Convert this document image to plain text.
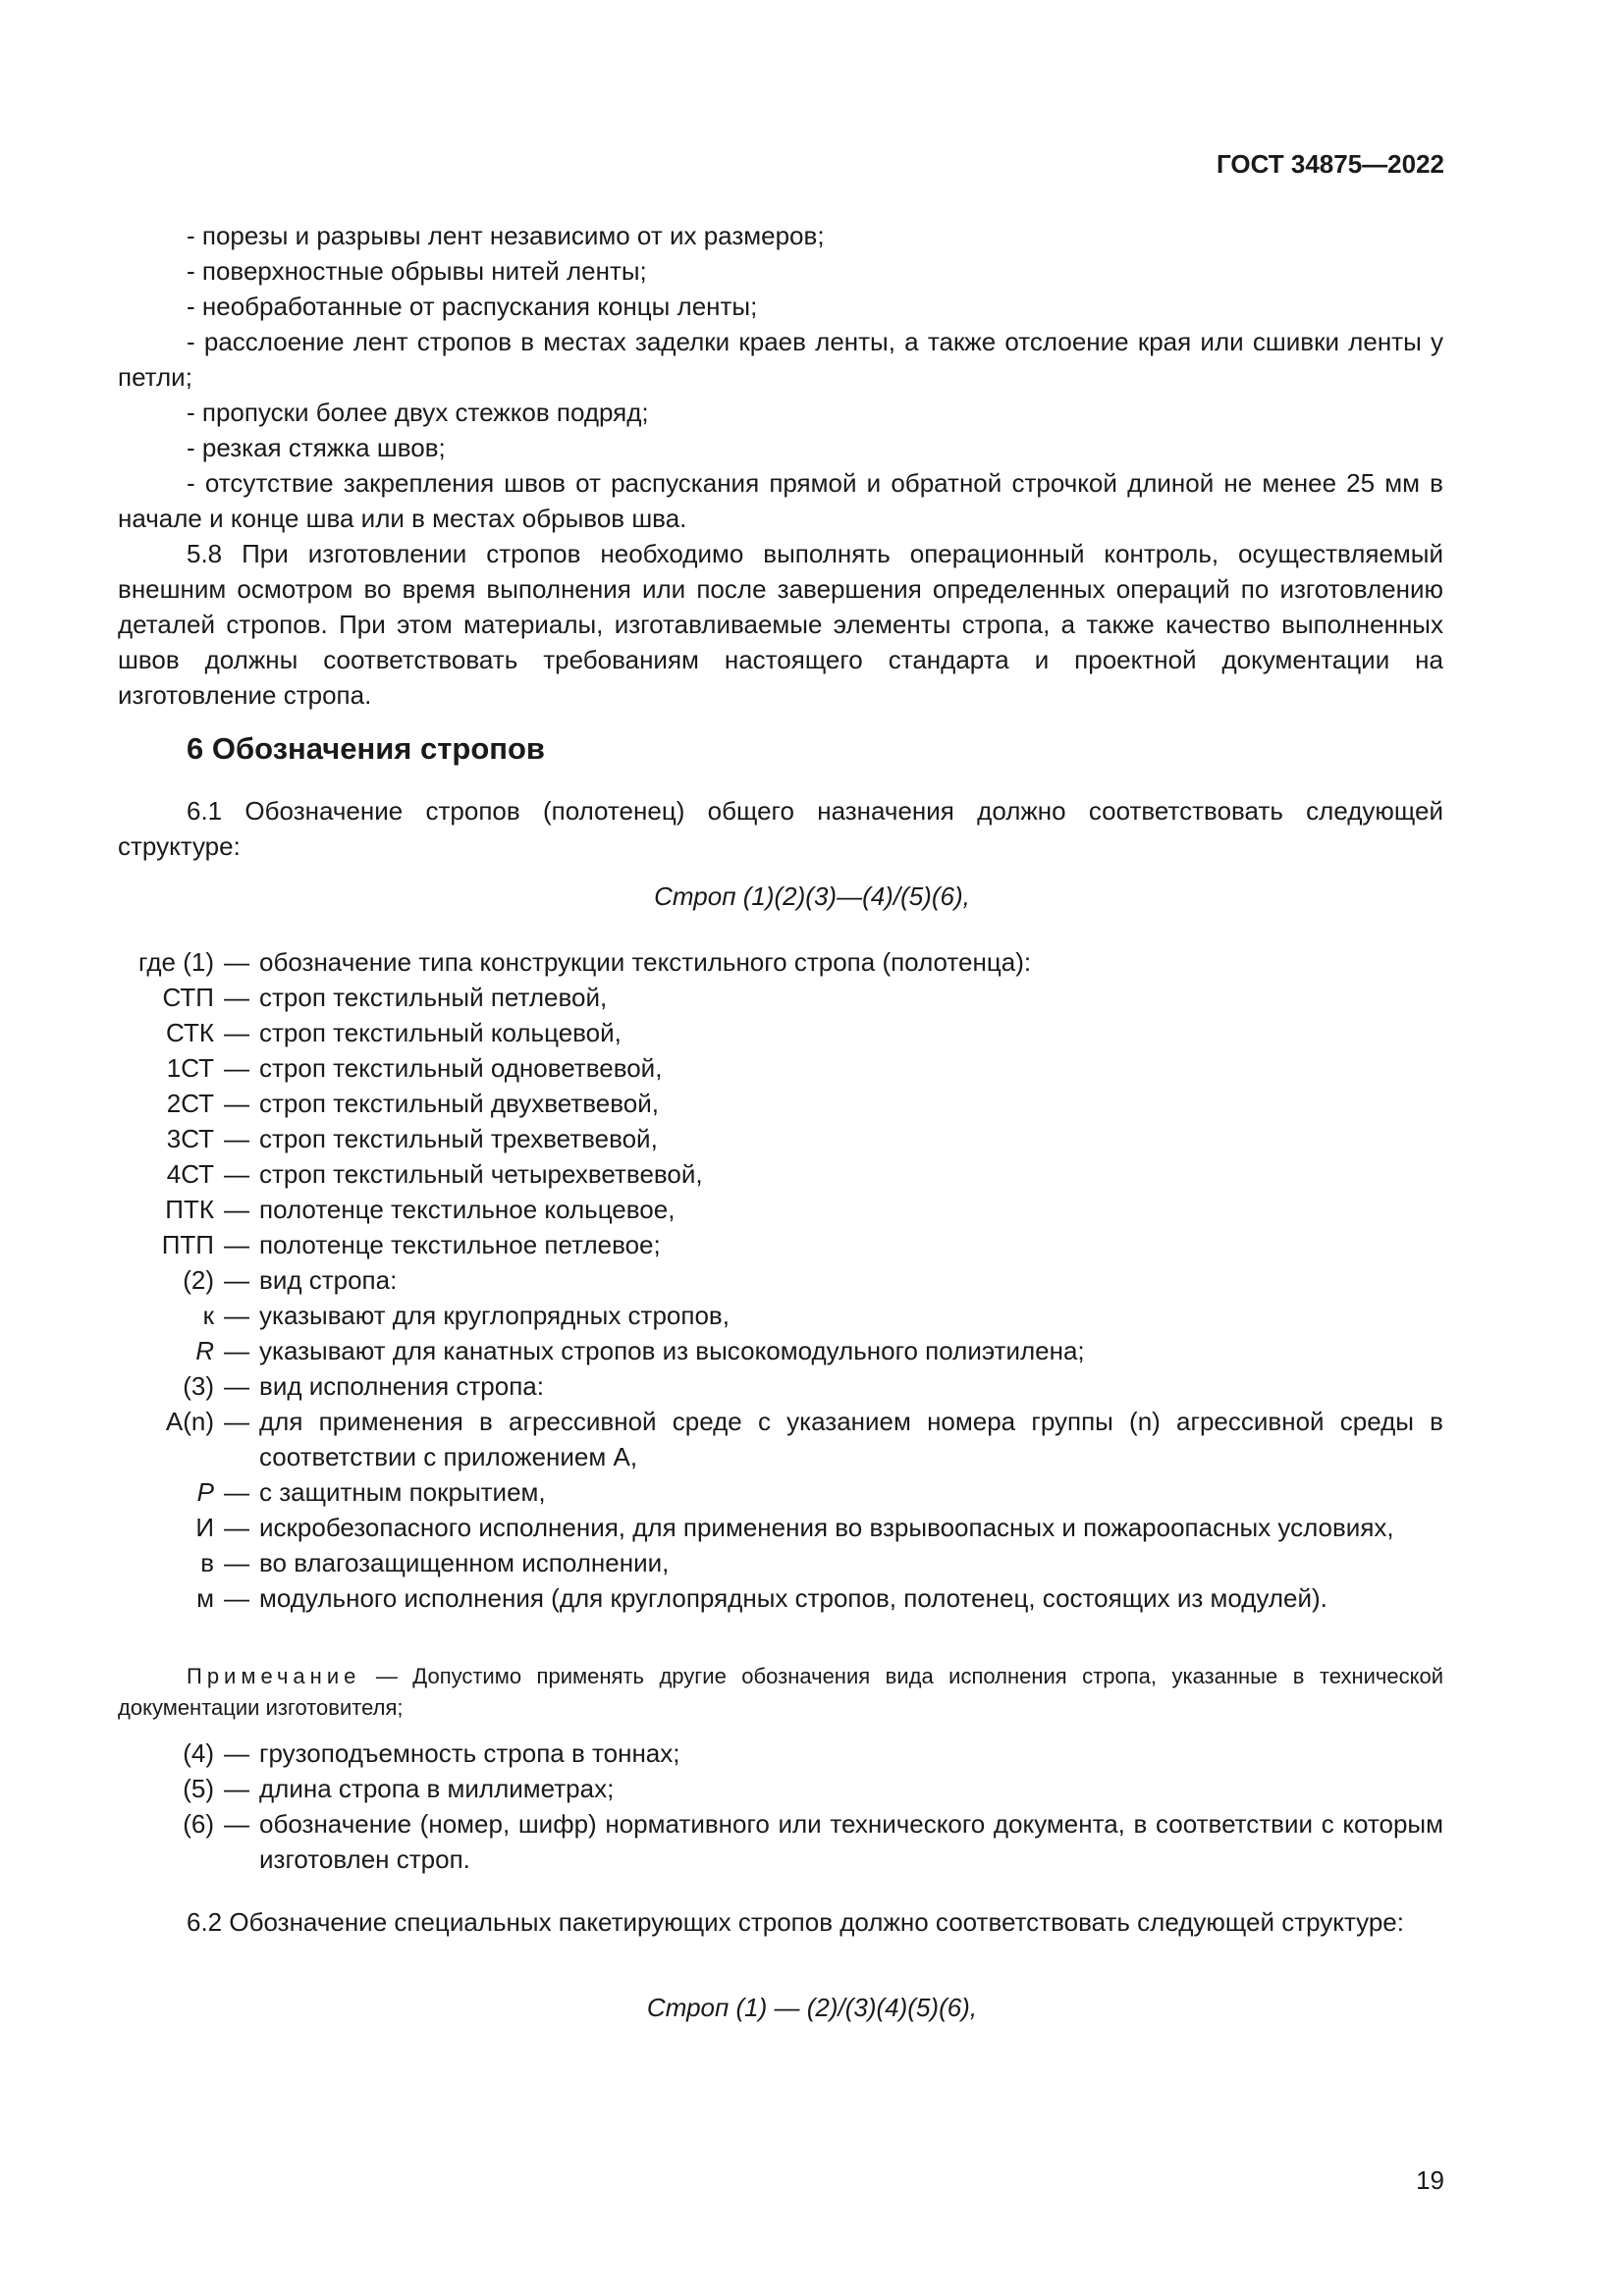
ГОСТ 34875—2022
- порезы и разрывы лент независимо от их размеров;
- поверхностные обрывы нитей ленты;
- необработанные от распускания концы ленты;
- расслоение лент стропов в местах заделки краев ленты, а также отслоение края или сшивки ленты у петли;
- пропуски более двух стежков подряд;
- резкая стяжка швов;
- отсутствие закрепления швов от распускания прямой и обратной строчкой длиной не менее 25 мм в начале и конце шва или в местах обрывов шва.
5.8 При изготовлении стропов необходимо выполнять операционный контроль, осуществляемый внешним осмотром во время выполнения или после завершения определенных операций по изготовлению деталей стропов. При этом материалы, изготавливаемые элементы стропа, а также качество выполненных швов должны соответствовать требованиям настоящего стандарта и проектной документации на изготовление стропа.
6 Обозначения стропов
6.1 Обозначение стропов (полотенец) общего назначения должно соответствовать следующей структуре:
Строп (1)(2)(3)—(4)/(5)(6),
где (1) — обозначение типа конструкции текстильного стропа (полотенца):
СТП — строп текстильный петлевой,
СТК — строп текстильный кольцевой,
1СТ — строп текстильный одноветвевой,
2СТ — строп текстильный двухветвевой,
3СТ — строп текстильный трехветвевой,
4СТ — строп текстильный четырехветвевой,
ПТК — полотенце текстильное кольцевое,
ПТП — полотенце текстильное петлевое;
(2) — вид стропа:
к — указывают для круглопрядных стропов,
R — указывают для канатных стропов из высокомодульного полиэтилена;
(3) — вид исполнения стропа:
А(n) — для применения в агрессивной среде с указанием номера группы (n) агрессивной среды в соответствии с приложением А,
Р — с защитным покрытием,
И — искробезопасного исполнения, для применения во взрывоопасных и пожароопасных условиях,
в — во влагозащищенном исполнении,
м — модульного исполнения (для круглопрядных стропов, полотенец, состоящих из модулей).
Примечание — Допустимо применять другие обозначения вида исполнения стропа, указанные в технической документации изготовителя;
(4) — грузоподъемность стропа в тоннах;
(5) — длина стропа в миллиметрах;
(6) — обозначение (номер, шифр) нормативного или технического документа, в соответствии с которым изготовлен строп.
6.2 Обозначение специальных пакетирующих стропов должно соответствовать следующей структуре:
Строп (1) — (2)/(3)(4)(5)(6),
19
